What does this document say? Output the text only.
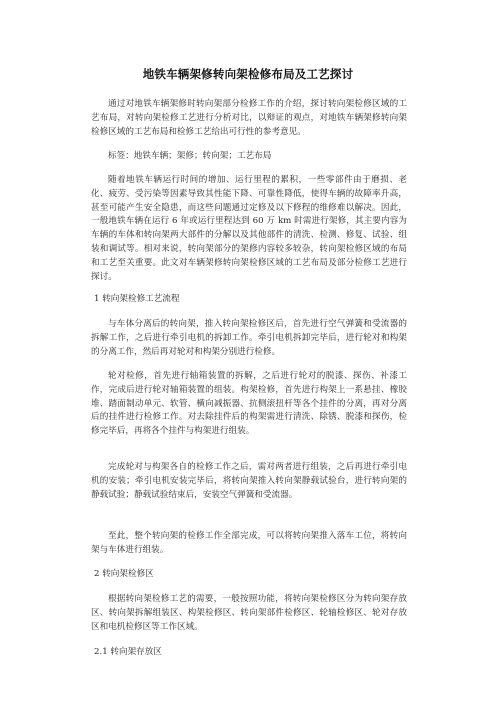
地铁车辆架修转向架检修布局及工艺探讨

通过对地铁车辆架修时转向架部分检修工作的介绍，探讨转向架检修区域的工艺布局，对转向架检修工艺进行分析对比，以辩证的观点，对地铁车辆架修转向架检修区域的工艺布局和检修工艺给出可行性的参考意见。

标签：地铁车辆；架修；转向架；工艺布局

随着地铁车辆运行时间的增加、运行里程的累积，一些零部件由于磨损、老化、疲劳、受污染等因素导致其性能下降、可靠性降低，使得车辆的故障率升高，甚至可能产生安全隐患，而这些问题通过定修及以下修程的维修难以解决。因此，一般地铁车辆在运行 6 年或运行里程达到 60 万 km 时需进行架修，其主要内容为车辆的车体和转向架两大部件的分解以及其他部件的清洗、检测、修复、试验、组装和调试等。相对来说，转向架部分的架修内容较多较杂，转向架检修区域的布局和工艺至关重要。此文对车辆架修转向架检修区域的工艺布局及部分检修工艺进行探讨。

1 转向架检修工艺流程

与车体分离后的转向架，推入转向架检修区后，首先进行空气弹簧和受流器的拆解工作，之后进行牵引电机的拆卸工作。牵引电机拆卸完毕后，进行轮对和构架的分离工作，然后再对轮对和构架分别进行检修。

轮对检修，首先进行轴箱装置的拆解，之后进行轮对的脱漆、探伤、补漆工作，完成后进行轮对轴箱装置的组装。构架检修，首先进行构架上一系悬挂、橡胶堆、踏面制动单元、软管、横向减振器、抗侧滚扭杆等各个挂件的分离，再对分离后的挂件进行检修工作。对去除挂件后的构架需进行清洗、除锈、脱漆和探伤，检修完毕后，再将各个挂件与构架进行组装。

完成轮对与构架各自的检修工作之后，需对两者进行组装，之后再进行牵引电机的安装；牵引电机安装完毕后，将转向架推入转向架静载试验台，进行转向架的静载试验；静载试验结束后，安装空气弹簧和受流器。

至此，整个转向架的检修工作全部完成，可以将转向架推入落车工位，将转向架与车体进行组装。

2 转向架检修区

根据转向架检修工艺的需要，一般按照功能，将转向架检修区分为转向架存放区、转向架拆解组装区、构架检修区、转向架部件检修区、轮轴检修区、轮对存放区和电机检修区等工作区域。

2.1 转向架存放区
